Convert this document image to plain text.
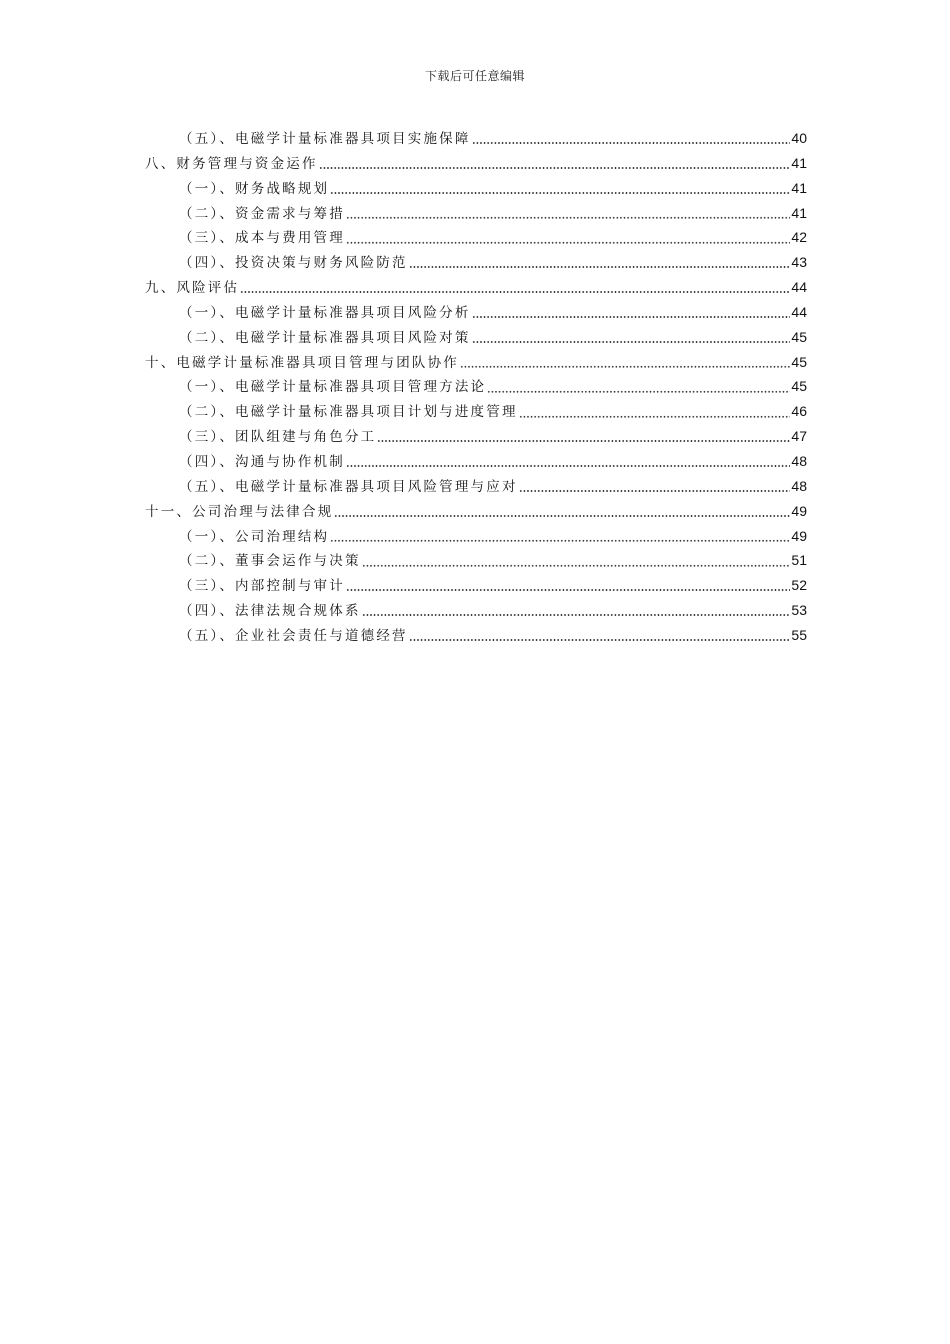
下载后可任意编辑
（五）、电磁学计量标准器具项目实施保障	40
八、财务管理与资金运作	41
（一）、财务战略规划	41
（二）、资金需求与筹措	41
（三）、成本与费用管理	42
（四）、投资决策与财务风险防范	43
九、风险评估	44
（一）、电磁学计量标准器具项目风险分析	44
（二）、电磁学计量标准器具项目风险对策	45
十、电磁学计量标准器具项目管理与团队协作	45
（一）、电磁学计量标准器具项目管理方法论	45
（二）、电磁学计量标准器具项目计划与进度管理	46
（三）、团队组建与角色分工	47
（四）、沟通与协作机制	48
（五）、电磁学计量标准器具项目风险管理与应对	48
十一、公司治理与法律合规	49
（一）、公司治理结构	49
（二）、董事会运作与决策	51
（三）、内部控制与审计	52
（四）、法律法规合规体系	53
（五）、企业社会责任与道德经营	55
